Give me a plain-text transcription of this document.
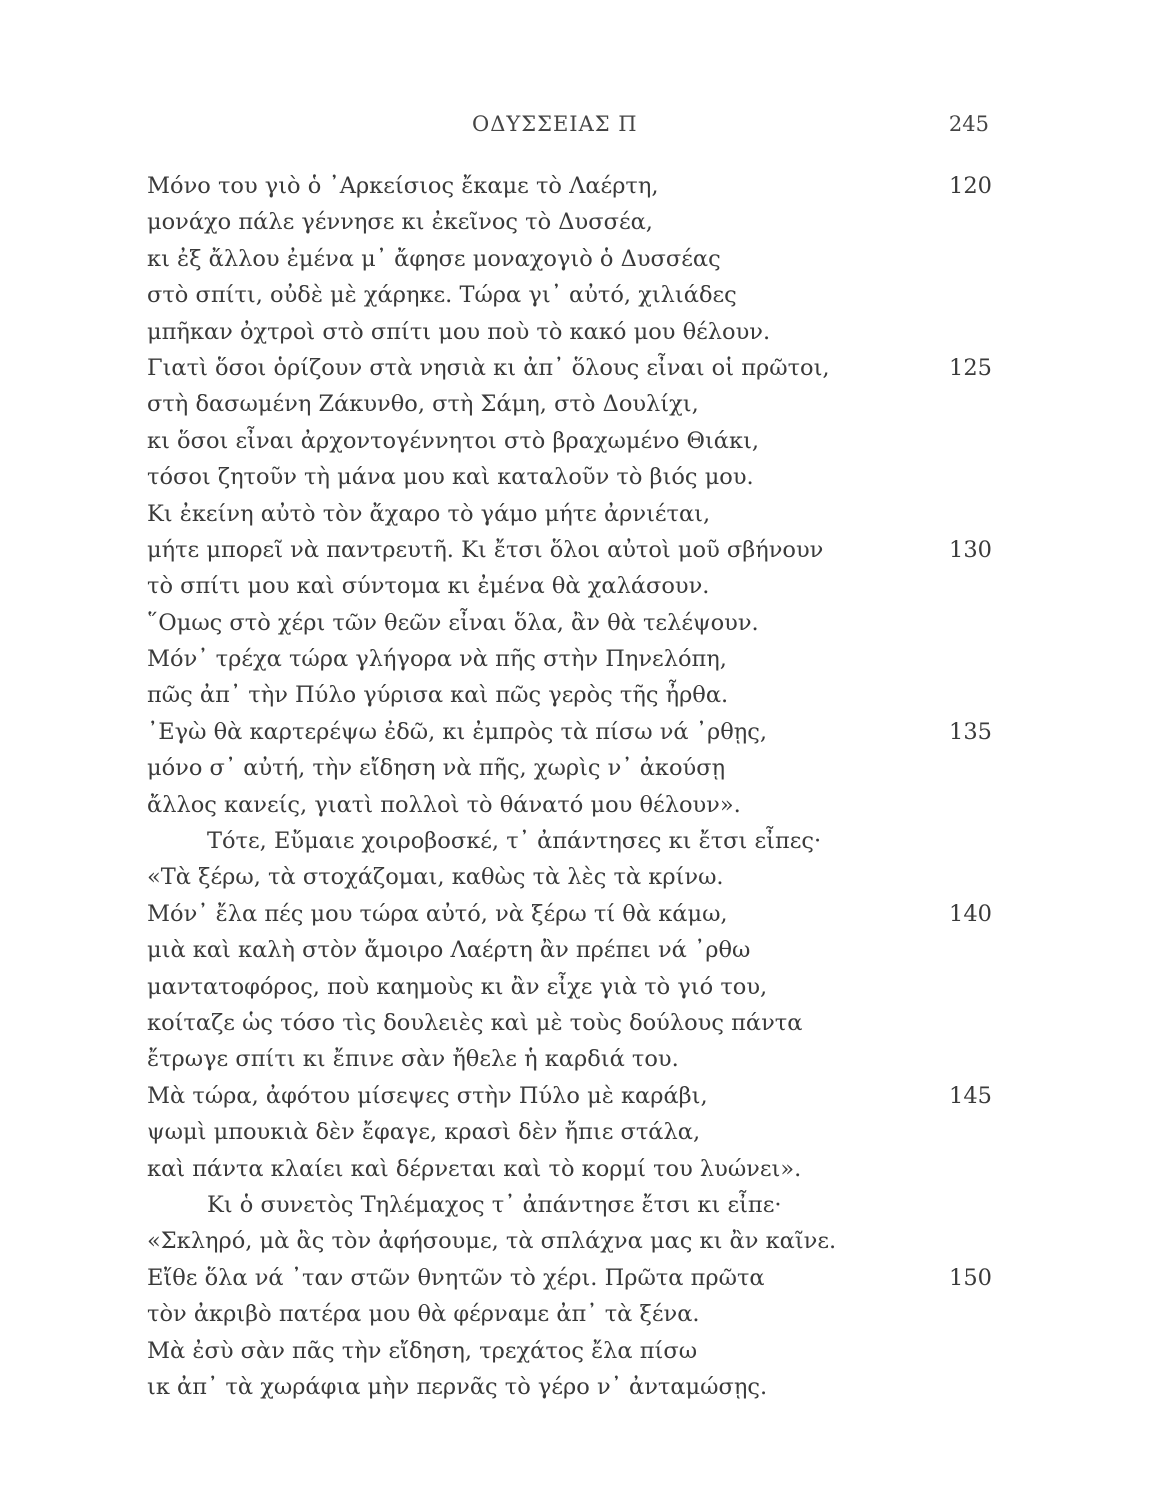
ΟΔΥΣΣΕΙΑΣ Π	245
Μόνο του γιὸ ὁ ᾿Αρκείσιος ἔκαμε τὸ Λαέρτη,	120
μονάχο πάλε γέννησε κι ἐκεῖνος τὸ Δυσσέα,
κι ἐξ ἄλλου ἐμένα μ᾿ ἄφησε μοναχογιὸ ὁ Δυσσέας
στὸ σπίτι, οὐδὲ μὲ χάρηκε. Τώρα γι᾿ αὐτό, χιλιάδες
μπῆκαν ὀχτροὶ στὸ σπίτι μου ποὺ τὸ κακό μου θέλουν.
Γιατὶ ὅσοι ὁρίζουν στὰ νησιὰ κι ἀπ᾿ ὅλους εἶναι οἱ πρῶτοι,	125
στὴ δασωμένη Ζάκυνθο, στὴ Σάμη, στὸ Δουλίχι,
κι ὅσοι εἶναι ἀρχοντογέννητοι στὸ βραχωμένο Θιάκι,
τόσοι ζητοῦν τὴ μάνα μου καὶ καταλοῦν τὸ βιός μου.
Κι ἐκείνη αὐτὸ τὸν ἄχαρο τὸ γάμο μήτε ἀρνιέται,
μήτε μπορεῖ νὰ παντρευτῆ. Κι ἔτσι ὅλοι αὐτοὶ μοῦ σβήνουν	130
τὸ σπίτι μου καὶ σύντομα κι ἐμένα θὰ χαλάσουν.
῞Ομως στὸ χέρι τῶν θεῶν εἶναι ὅλα, ἂν θὰ τελέψουν.
Μόν᾿ τρέχα τώρα γλήγορα νὰ πῆς στὴν Πηνελόπη,
πῶς ἀπ᾿ τὴν Πύλο γύρισα καὶ πῶς γερὸς τῆς ἦρθα.
᾿Εγὼ θὰ καρτερέψω ἐδῶ, κι ἐμπρὸς τὰ πίσω νά ᾿ρθῃς,	135
μόνο σ᾿ αὐτή, τὴν εἴδηση νὰ πῆς, χωρὶς ν᾿ ἀκούσῃ
ἄλλος κανείς, γιατὶ πολλοὶ τὸ θάνατό μου θέλουν».
Τότε, Εὔμαιε χοιροβοσκέ, τ᾿ ἀπάντησες κι ἔτσι εἶπες·
«Τὰ ξέρω, τὰ στοχάζομαι, καθὼς τὰ λὲς τὰ κρίνω.
Μόν᾿ ἔλα πές μου τώρα αὐτό, νὰ ξέρω τί θὰ κάμω,	140
μιὰ καὶ καλὴ στὸν ἄμοιρο Λαέρτη ἂν πρέπει νά ᾿ρθω
μαντατοφόρος, ποὺ καημοὺς κι ἂν εἶχε γιὰ τὸ γιό του,
κοίταζε ὡς τόσο τὶς δουλειὲς καὶ μὲ τοὺς δούλους πάντα
ἔτρωγε σπίτι κι ἔπινε σὰν ἤθελε ἡ καρδιά του.
Μὰ τώρα, ἀφότου μίσεψες στὴν Πύλο μὲ καράβι,	145
ψωμὶ μπουκιὰ δὲν ἔφαγε, κρασὶ δὲν ἤπιε στάλα,
καὶ πάντα κλαίει καὶ δέρνεται καὶ τὸ κορμί του λυώνει».
Κι ὁ συνετὸς Τηλέμαχος τ᾿ ἀπάντησε ἔτσι κι εἶπε·
«Σκληρό, μὰ ἂς τὸν ἀφήσουμε, τὰ σπλάχνα μας κι ἂν καῖνε.
Εἴθε ὅλα νά ᾿ταν στῶν θνητῶν τὸ χέρι. Πρῶτα πρῶτα	150
τὸν ἀκριβὸ πατέρα μου θὰ φέρναμε ἀπ᾿ τὰ ξένα.
Μὰ ἐσὺ σὰν πᾶς τὴν εἴδηση, τρεχάτος ἔλα πίσω
ικ ἀπ᾿ τὰ χωράφια μὴν περνᾶς τὸ γέρο ν᾿ ἀνταμώσῃς.
